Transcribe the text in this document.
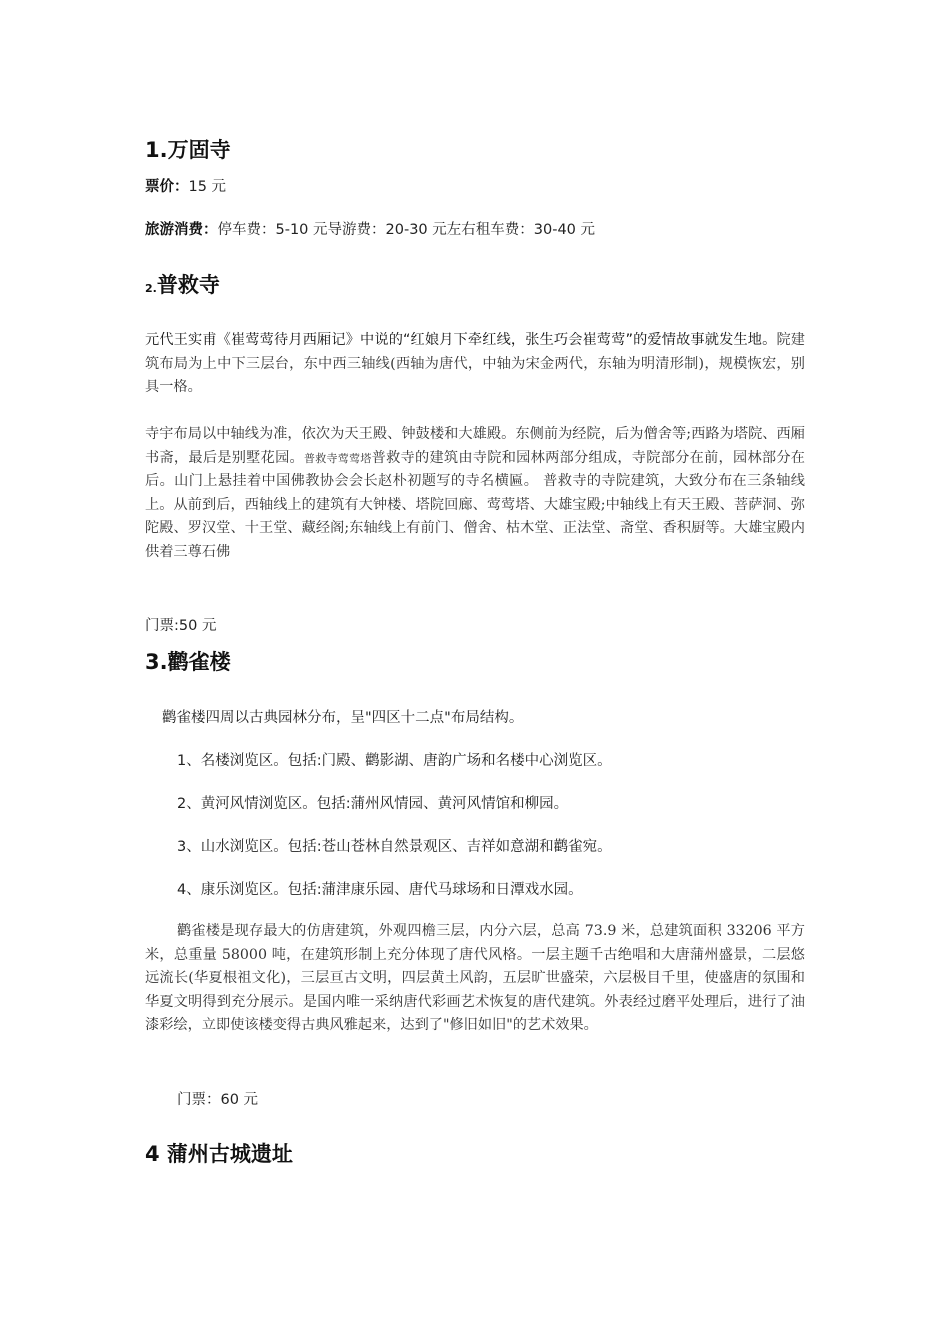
1.万固寺

票价：15 元

旅游消费：停车费：5-10 元导游费：20-30 元左右租车费：30-40 元

2.普救寺

元代王实甫《崔莺莺待月西厢记》中说的“红娘月下牵红线，张生巧会崔莺莺”的爱情故事就发生地。院建筑布局为上中下三层台，东中西三轴线(西轴为唐代，中轴为宋金两代，东轴为明清形制)，规模恢宏，别具一格。

寺宇布局以中轴线为准，依次为天王殿、钟鼓楼和大雄殿。东侧前为经院，后为僧舍等;西路为塔院、西厢书斋，最后是别墅花园。普救寺莺莺塔普救寺的建筑由寺院和园林两部分组成，寺院部分在前，园林部分在后。山门上悬挂着中国佛教协会会长赵朴初题写的寺名横匾。 普救寺的寺院建筑，大致分布在三条轴线上。从前到后，西轴线上的建筑有大钟楼、塔院回廊、莺莺塔、大雄宝殿;中轴线上有天王殿、菩萨洞、弥陀殿、罗汉堂、十王堂、藏经阁;东轴线上有前门、僧舍、枯木堂、正法堂、斋堂、香积厨等。大雄宝殿内供着三尊石佛

门票:50 元

3.鹳雀楼

鹳雀楼四周以古典园林分布，呈"四区十二点"布局结构。

1、名楼浏览区。包括:门殿、鹳影湖、唐韵广场和名楼中心浏览区。

2、黄河风情浏览区。包括:蒲州风情园、黄河风情馆和柳园。

3、山水浏览区。包括:苍山苍林自然景观区、吉祥如意湖和鹳雀宛。

4、康乐浏览区。包括:蒲津康乐园、唐代马球场和日潭戏水园。

鹳雀楼是现存最大的仿唐建筑，外观四檐三层，内分六层，总高 73.9 米，总建筑面积 33206 平方米，总重量 58000 吨，在建筑形制上充分体现了唐代风格。一层主题千古绝唱和大唐蒲州盛景，二层悠远流长(华夏根祖文化)，三层亘古文明，四层黄土风韵，五层旷世盛荣，六层极目千里，使盛唐的氛围和华夏文明得到充分展示。是国内唯一采纳唐代彩画艺术恢复的唐代建筑。外表经过磨平处理后，进行了油漆彩绘，立即使该楼变得古典风雅起来，达到了"修旧如旧"的艺术效果。

门票：60 元

4 蒲州古城遗址
